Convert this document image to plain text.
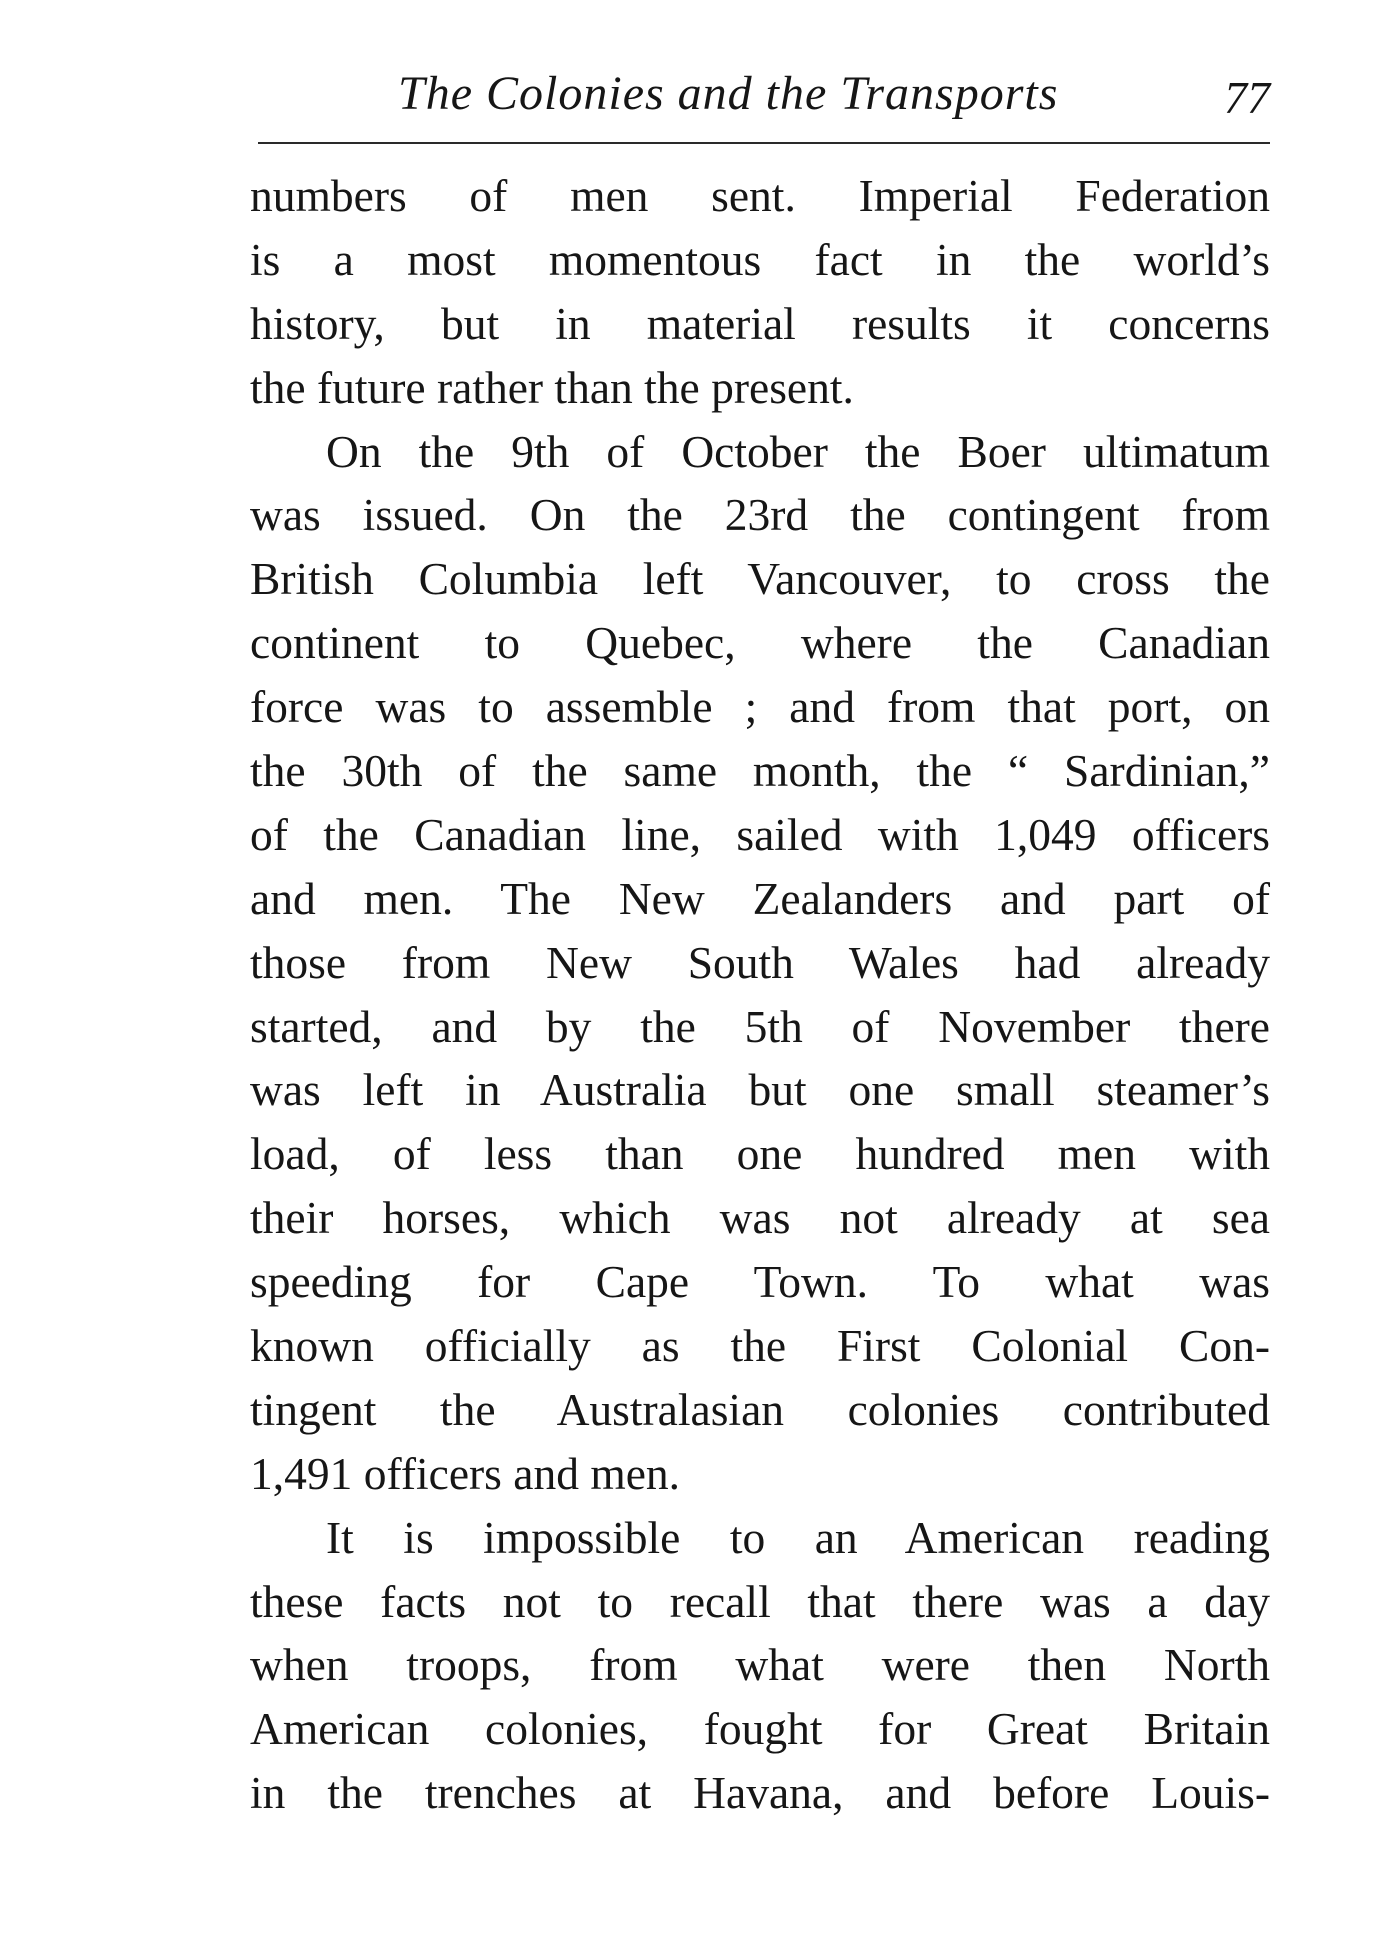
The Colonies and the Transports	77
numbers of men sent. Imperial Federation
is a most momentous fact in the world’s
history, but in material results it concerns
the future rather than the present.
On the 9th of October the Boer ultimatum
was issued. On the 23rd the contingent from
British Columbia left Vancouver, to cross the
continent to Quebec, where the Canadian
force was to assemble ; and from that port, on
the 30th of the same month, the “ Sardinian,”
of the Canadian line, sailed with 1,049 officers
and men. The New Zealanders and part of
those from New South Wales had already
started, and by the 5th of November there
was left in Australia but one small steamer’s
load, of less than one hundred men with
their horses, which was not already at sea
speeding for Cape Town. To what was
known officially as the First Colonial Con-
tingent the Australasian colonies contributed
1,491 officers and men.
It is impossible to an American reading
these facts not to recall that there was a day
when troops, from what were then North
American colonies, fought for Great Britain
in the trenches at Havana, and before Louis-
